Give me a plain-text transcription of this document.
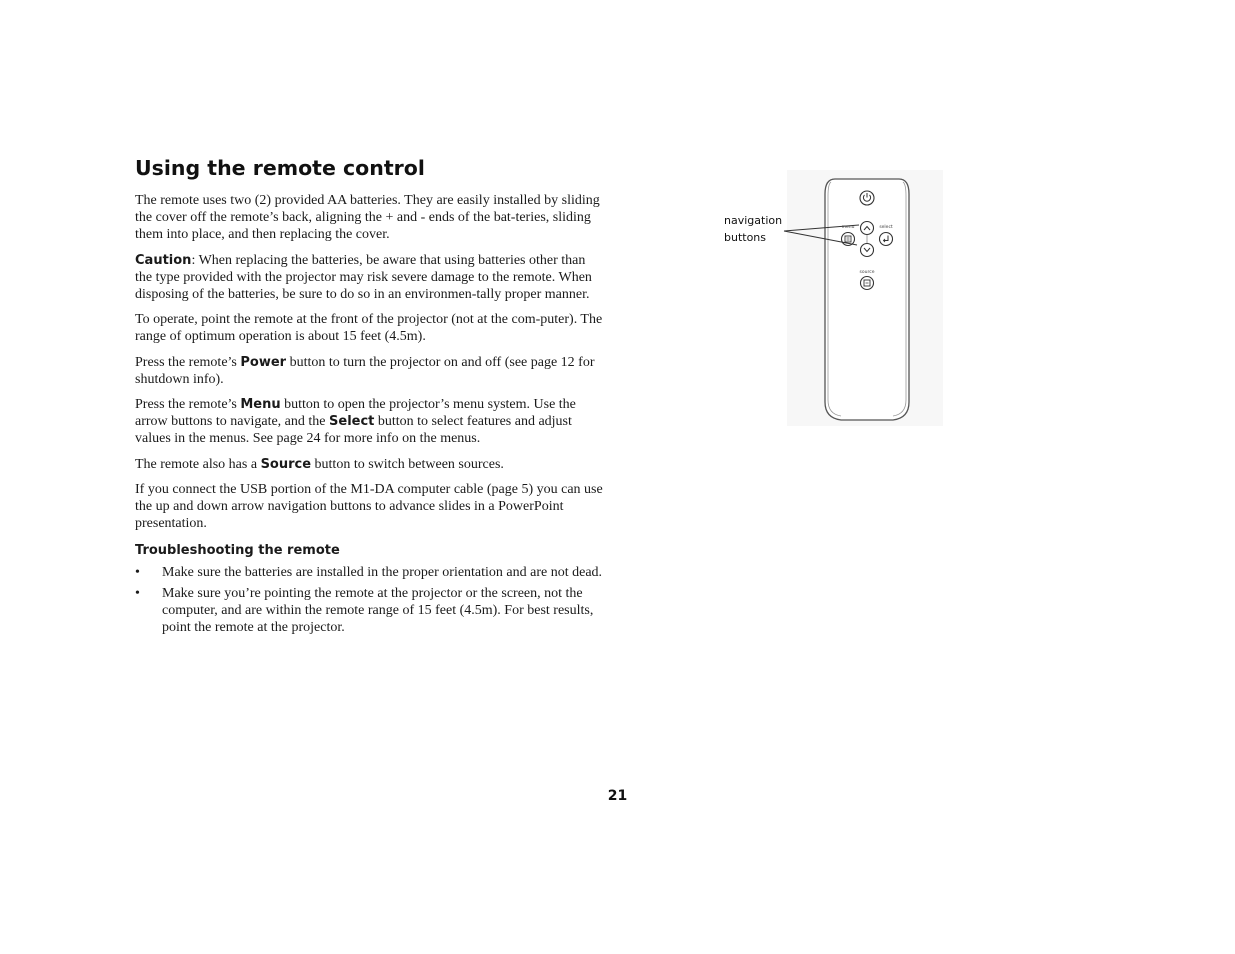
Using the remote control

The remote uses two (2) provided AA batteries. They are easily installed by sliding the cover off the remote’s back, aligning the + and - ends of the bat-teries, sliding them into place, and then replacing the cover.

Caution: When replacing the batteries, be aware that using batteries other than the type provided with the projector may risk severe damage to the remote. When disposing of the batteries, be sure to do so in an environmen-tally proper manner.

To operate, point the remote at the front of the projector (not at the com-puter). The range of optimum operation is about 15 feet (4.5m).

Press the remote’s Power button to turn the projector on and off (see page 12 for shutdown info).

Press the remote’s Menu button to open the projector’s menu system. Use the arrow buttons to navigate, and the Select button to select features and adjust values in the menus. See page 24 for more info on the menus.

The remote also has a Source button to switch between sources.

If you connect the USB portion of the M1-DA computer cable (page 5) you can use the up and down arrow navigation buttons to advance slides in a PowerPoint presentation.

Troubleshooting the remote
• Make sure the batteries are installed in the proper orientation and are not dead.
• Make sure you’re pointing the remote at the projector or the screen, not the computer, and are within the remote range of 15 feet (4.5m). For best results, point the remote at the projector.
navigation
buttons
menu	select
source
21
